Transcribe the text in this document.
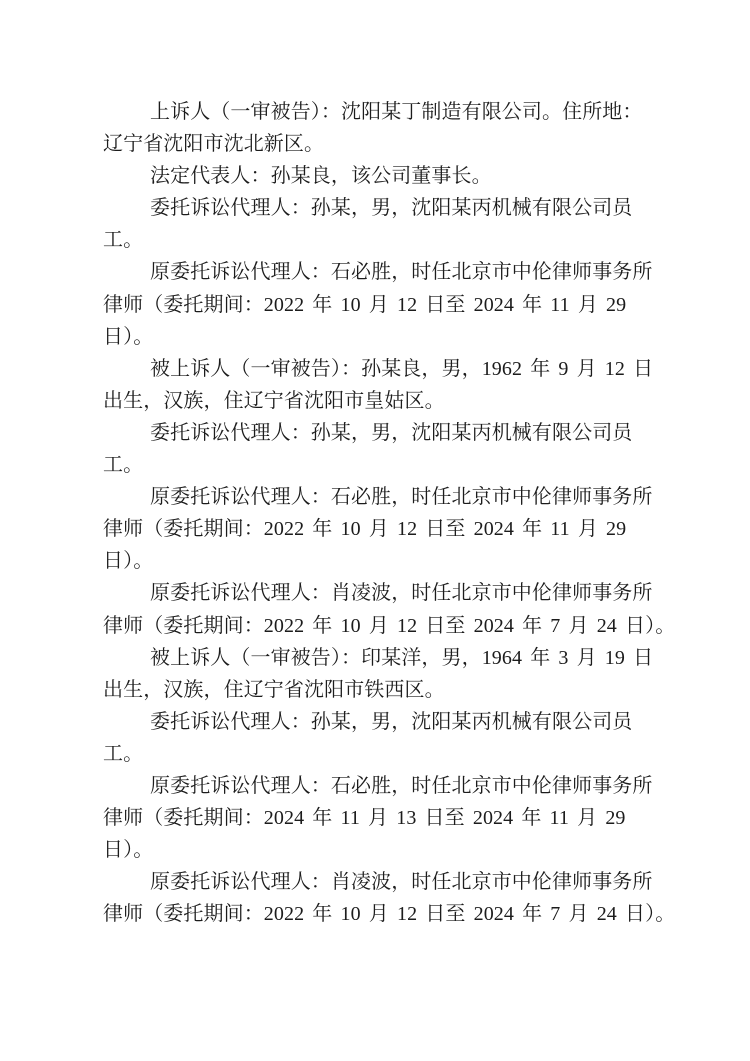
上诉人（一审被告）：沈阳某丁制造有限公司。住所地：
辽宁省沈阳市沈北新区。
法定代表人：孙某良，该公司董事长。
委托诉讼代理人：孙某，男，沈阳某丙机械有限公司员
工。
原委托诉讼代理人：石必胜，时任北京市中伦律师事务所
律师（委托期间：2022 年 10 月 12 日至 2024 年 11 月 29
日）。
被上诉人（一审被告）：孙某良，男，1962 年 9 月 12 日
出生，汉族，住辽宁省沈阳市皇姑区。
委托诉讼代理人：孙某，男，沈阳某丙机械有限公司员
工。
原委托诉讼代理人：石必胜，时任北京市中伦律师事务所
律师（委托期间：2022 年 10 月 12 日至 2024 年 11 月 29
日）。
原委托诉讼代理人：肖凌波，时任北京市中伦律师事务所
律师（委托期间：2022 年 10 月 12 日至 2024 年 7 月 24 日）。
被上诉人（一审被告）：印某洋，男，1964 年 3 月 19 日
出生，汉族，住辽宁省沈阳市铁西区。
委托诉讼代理人：孙某，男，沈阳某丙机械有限公司员
工。
原委托诉讼代理人：石必胜，时任北京市中伦律师事务所
律师（委托期间：2024 年 11 月 13 日至 2024 年 11 月 29
日）。
原委托诉讼代理人：肖凌波，时任北京市中伦律师事务所
律师（委托期间：2022 年 10 月 12 日至 2024 年 7 月 24 日）。
